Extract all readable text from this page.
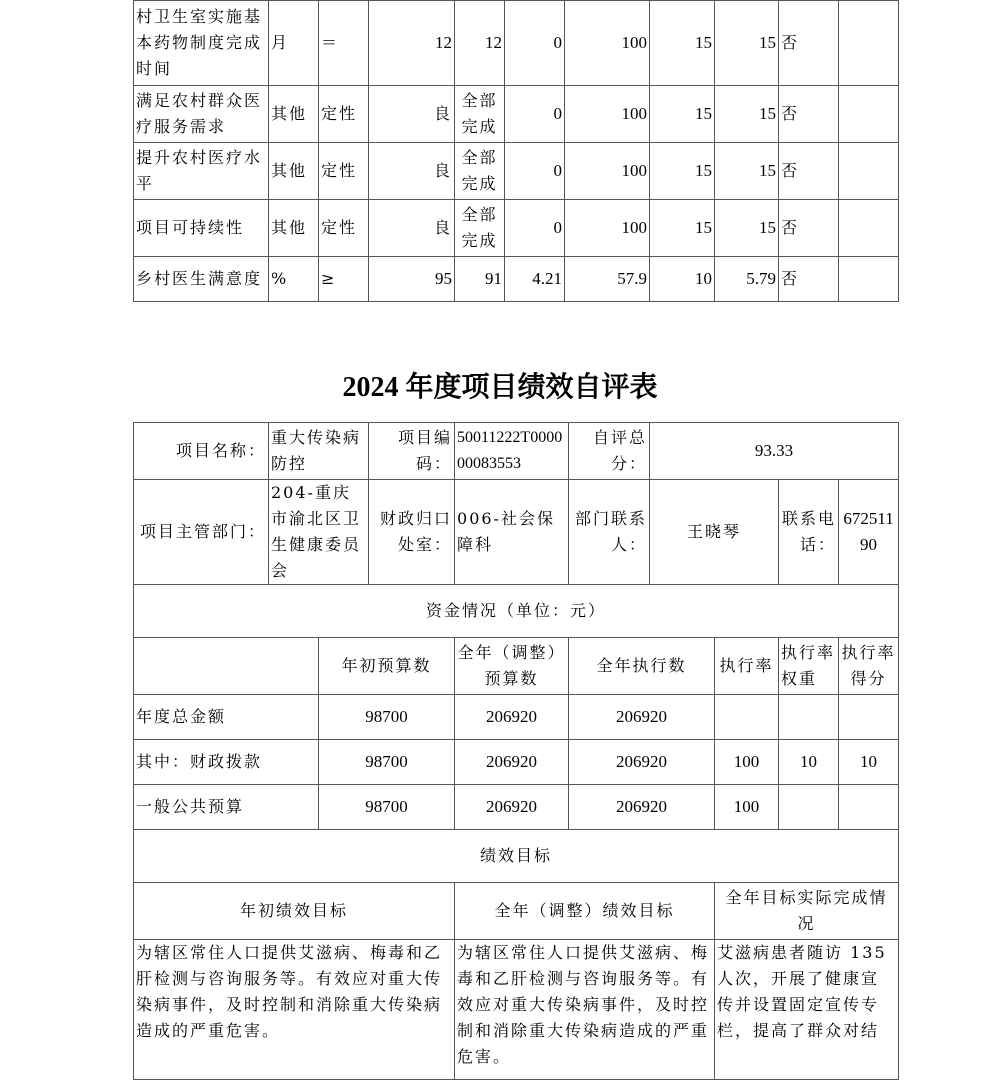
村卫生室实施基本药物制度完成时间	月	＝	12	12	0	100	15	15	否	
满足农村群众医疗服务需求	其他	定性	良	全部完成	0	100	15	15	否	
提升农村医疗水平	其他	定性	良	全部完成	0	100	15	15	否	
项目可持续性	其他	定性	良	全部完成	0	100	15	15	否	
乡村医生满意度	%	≥	95	91	4.21	57.9	10	5.79	否	
2024 年度项目绩效自评表
项目名称：	重大传染病防控		项目编码：	50011222T000000083553	自评总分：	93.33			
项目主管部门：	204-重庆市渝北区卫生健康委员会		财政归口处室：	006-社会保障科	部门联系人：	王晓琴		联系电话：	67251190
资金情况（单位：元）									
		年初预算数		全年（调整）预算数	全年执行数		执行率	执行率权重	执行率得分
年度总金额		98700		206920	206920				
其中：财政拨款		98700		206920	206920		100	10	10
一般公共预算		98700		206920	206920		100		
绩效目标									
年初绩效目标				全年（调整）绩效目标			全年目标实际完成情况		
为辖区常住人口提供艾滋病、梅毒和乙肝检测与咨询服务等。有效应对重大传染病事件，及时控制和消除重大传染病造成的严重危害。				为辖区常住人口提供艾滋病、梅毒和乙肝检测与咨询服务等。有效应对重大传染病事件，及时控制和消除重大传染病造成的严重危害。			艾滋病患者随访 135 人次，开展了健康宣传并设置固定宣传专栏，提高了群众对结		
